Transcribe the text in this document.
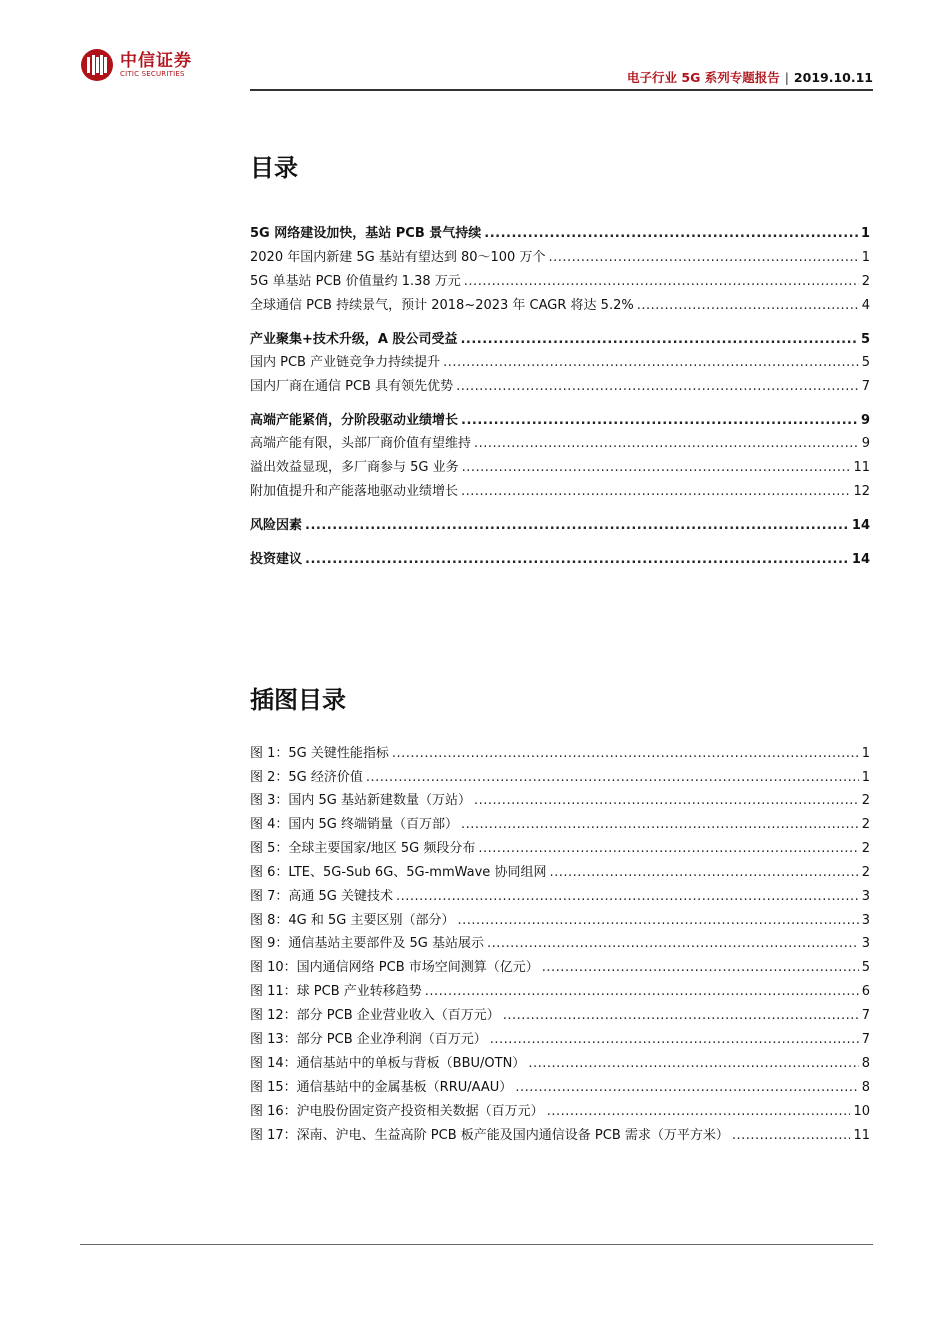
中信证券
CITIC SECURITIES	电子行业 5G 系列专题报告 | 2019.10.11
目录
5G 网络建设加快，基站 PCB 景气持续 .....	1
2020 年国内新建 5G 基站有望达到 80～100 万个 .....	1
5G 单基站 PCB 价值量约 1.38 万元 .....	2
全球通信 PCB 持续景气，预计 2018~2023 年 CAGR 将达 5.2% .....	4
产业聚集+技术升级，A 股公司受益 .....	5
国内 PCB 产业链竞争力持续提升 .....	5
国内厂商在通信 PCB 具有领先优势 .....	7
高端产能紧俏，分阶段驱动业绩增长 .....	9
高端产能有限，头部厂商价值有望维持 .....	9
溢出效益显现，多厂商参与 5G 业务 .....	11
附加值提升和产能落地驱动业绩增长 .....	12
风险因素 .....	14
投资建议 .....	14
插图目录
图 1：5G 关键性能指标 .....	1
图 2：5G 经济价值 .....	1
图 3：国内 5G 基站新建数量（万站） .....	2
图 4：国内 5G 终端销量（百万部） .....	2
图 5：全球主要国家/地区 5G 频段分布 .....	2
图 6：LTE、5G-Sub 6G、5G-mmWave 协同组网 .....	2
图 7：高通 5G 关键技术 .....	3
图 8：4G 和 5G 主要区别（部分） .....	3
图 9：通信基站主要部件及 5G 基站展示 .....	3
图 10：国内通信网络 PCB 市场空间测算（亿元） .....	5
图 11：球 PCB 产业转移趋势 .....	6
图 12：部分 PCB 企业营业收入（百万元） .....	7
图 13：部分 PCB 企业净利润（百万元） .....	7
图 14：通信基站中的单板与背板（BBU/OTN） .....	8
图 15：通信基站中的金属基板（RRU/AAU） .....	8
图 16：沪电股份固定资产投资相关数据（百万元） .....	10
图 17：深南、沪电、生益高阶 PCB 板产能及国内通信设备 PCB 需求（万平方米） .....	11
